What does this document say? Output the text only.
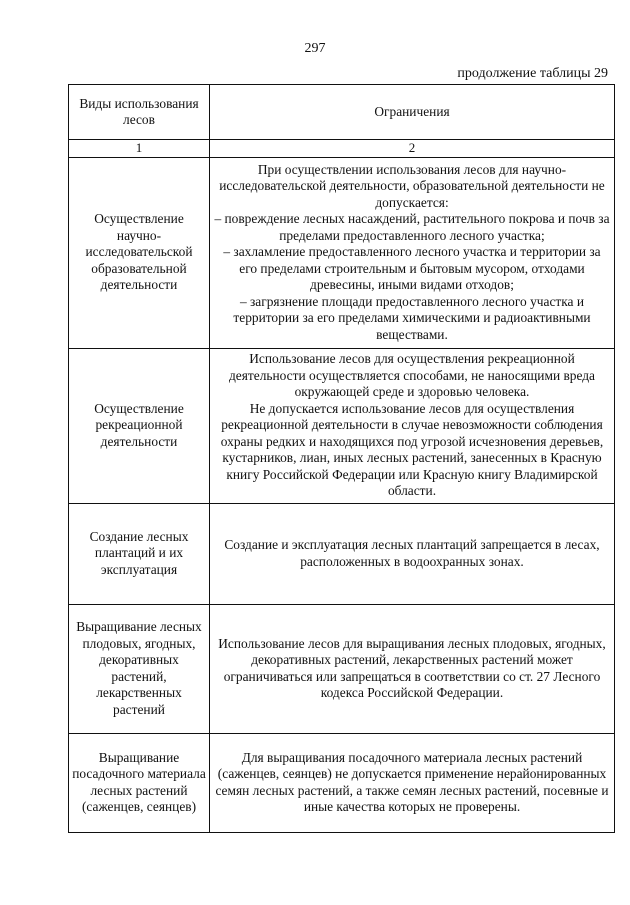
297
продолжение таблицы 29
Виды использования лесов	Ограничения
1	2
Осуществление научно-исследовательской образовательной деятельности	При осуществлении использования лесов для научно-исследовательской деятельности, образовательной деятельности не допускается:
– повреждение лесных насаждений, растительного покрова и почв за пределами предоставленного лесного участка;
– захламление предоставленного лесного участка и территории за его пределами строительным и бытовым мусором, отходами древесины, иными видами отходов;
– загрязнение площади предоставленного лесного участка и территории за его пределами химическими и радиоактивными веществами.

Осуществление рекреационной деятельности	Использование лесов для осуществления рекреационной деятельности осуществляется способами, не наносящими вреда окружающей среде и здоровью человека.
Не допускается использование лесов для осуществления рекреационной деятельности в случае невозможности соблюдения охраны редких и находящихся под угрозой исчезновения деревьев, кустарников, лиан, иных лесных растений, занесенных в Красную книгу Российской Федерации или Красную книгу Владимирской области.

Создание лесных плантаций и их эксплуатация	Создание и эксплуатация лесных плантаций запрещается в лесах, расположенных в водоохранных зонах.

Выращивание лесных плодовых, ягодных, декоративных растений, лекарственных растений	Использование лесов для выращивания лесных плодовых, ягодных, декоративных растений, лекарственных растений может ограничиваться или запрещаться в соответствии со ст. 27 Лесного кодекса Российской Федерации.

Выращивание посадочного материала лесных растений (саженцев, сеянцев)	Для выращивания посадочного материала лесных растений (саженцев, сеянцев) не допускается применение нерайонированных семян лесных растений, а также семян лесных растений, посевные и иные качества которых не проверены.
